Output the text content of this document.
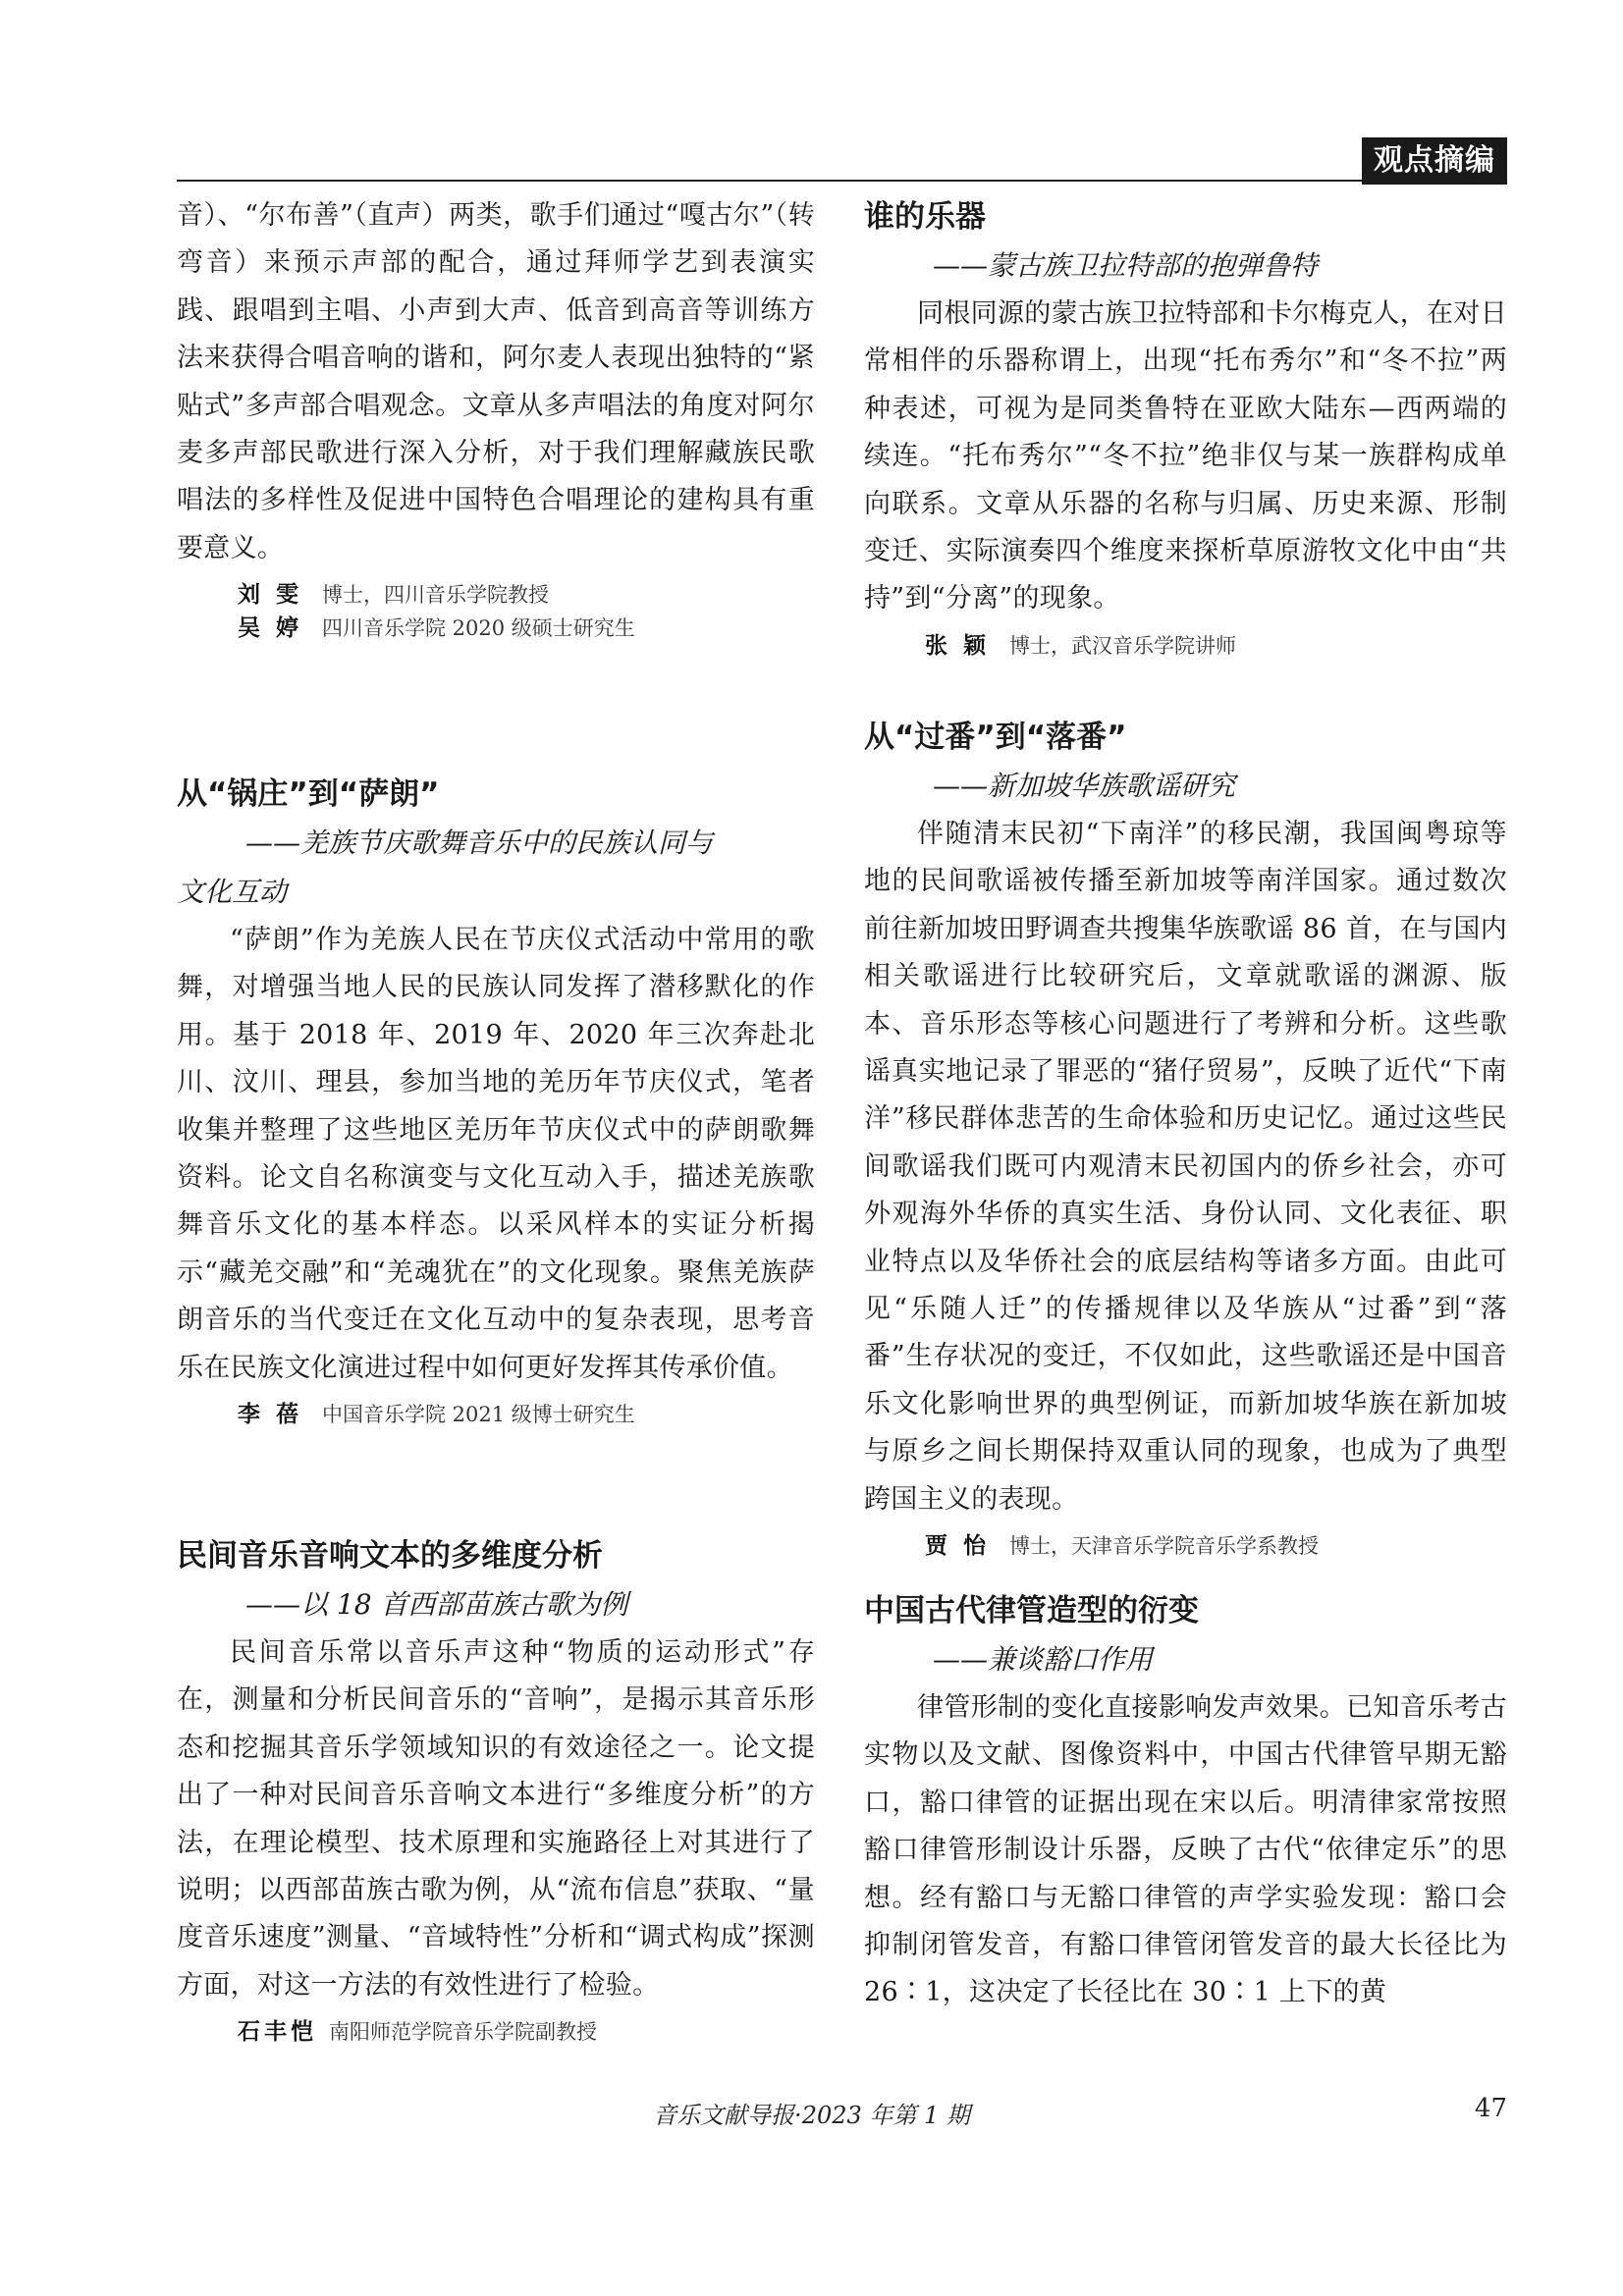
观点摘编

音）、“尔布善”（直声）两类，歌手们通过“嘎古尔”（转弯音）来预示声部的配合，通过拜师学艺到表演实践、跟唱到主唱、小声到大声、低音到高音等训练方法来获得合唱音响的谐和，阿尔麦人表现出独特的“紧贴式”多声部合唱观念。文章从多声唱法的角度对阿尔麦多声部民歌进行深入分析，对于我们理解藏族民歌唱法的多样性及促进中国特色合唱理论的建构具有重要意义。

刘 雯 博士，四川音乐学院教授

吴 婷 四川音乐学院 2020 级硕士研究生

从“锅庄”到“萨朗”

——羌族节庆歌舞音乐中的民族认同与

文化互动

“萨朗”作为羌族人民在节庆仪式活动中常用的歌舞，对增强当地人民的民族认同发挥了潜移默化的作用。基于 2018 年、2019 年、2020 年三次奔赴北川、汶川、理县，参加当地的羌历年节庆仪式，笔者收集并整理了这些地区羌历年节庆仪式中的萨朗歌舞资料。论文自名称演变与文化互动入手，描述羌族歌舞音乐文化的基本样态。以采风样本的实证分析揭示“藏羌交融”和“羌魂犹在”的文化现象。聚焦羌族萨朗音乐的当代变迁在文化互动中的复杂表现，思考音乐在民族文化演进过程中如何更好发挥其传承价值。

李 蓓 中国音乐学院 2021 级博士研究生

民间音乐音响文本的多维度分析

——以 18 首西部苗族古歌为例

民间音乐常以音乐声这种“物质的运动形式”存在，测量和分析民间音乐的“音响”，是揭示其音乐形态和挖掘其音乐学领域知识的有效途径之一。论文提出了一种对民间音乐音响文本进行“多维度分析”的方法，在理论模型、技术原理和实施路径上对其进行了说明；以西部苗族古歌为例，从“流布信息”获取、“量度音乐速度”测量、“音域特性”分析和“调式构成”探测方面，对这一方法的有效性进行了检验。

石丰恺 南阳师范学院音乐学院副教授

谁的乐器

——蒙古族卫拉特部的抱弹鲁特

同根同源的蒙古族卫拉特部和卡尔梅克人，在对日常相伴的乐器称谓上，出现“托布秀尔”和“冬不拉”两种表述，可视为是同类鲁特在亚欧大陆东—西两端的续连。“托布秀尔”“冬不拉”绝非仅与某一族群构成单向联系。文章从乐器的名称与归属、历史来源、形制变迁、实际演奏四个维度来探析草原游牧文化中由“共持”到“分离”的现象。

张 颖 博士，武汉音乐学院讲师

从“过番”到“落番”

——新加坡华族歌谣研究

伴随清末民初“下南洋”的移民潮，我国闽粤琼等地的民间歌谣被传播至新加坡等南洋国家。通过数次前往新加坡田野调查共搜集华族歌谣 86 首，在与国内相关歌谣进行比较研究后，文章就歌谣的渊源、版本、音乐形态等核心问题进行了考辨和分析。这些歌谣真实地记录了罪恶的“猪仔贸易”，反映了近代“下南洋”移民群体悲苦的生命体验和历史记忆。通过这些民间歌谣我们既可内观清末民初国内的侨乡社会，亦可外观海外华侨的真实生活、身份认同、文化表征、职业特点以及华侨社会的底层结构等诸多方面。由此可见“乐随人迁”的传播规律以及华族从“过番”到“落番”生存状况的变迁，不仅如此，这些歌谣还是中国音乐文化影响世界的典型例证，而新加坡华族在新加坡与原乡之间长期保持双重认同的现象，也成为了典型跨国主义的表现。

贾 怡 博士，天津音乐学院音乐学系教授

中国古代律管造型的衍变

——兼谈豁口作用

律管形制的变化直接影响发声效果。已知音乐考古实物以及文献、图像资料中，中国古代律管早期无豁口，豁口律管的证据出现在宋以后。明清律家常按照豁口律管形制设计乐器，反映了古代“依律定乐”的思想。经有豁口与无豁口律管的声学实验发现：豁口会抑制闭管发音，有豁口律管闭管发音的最大长径比为 26∶1，这决定了长径比在 30∶1 上下的黄

音乐文献导报·2023 年第 1 期	47
